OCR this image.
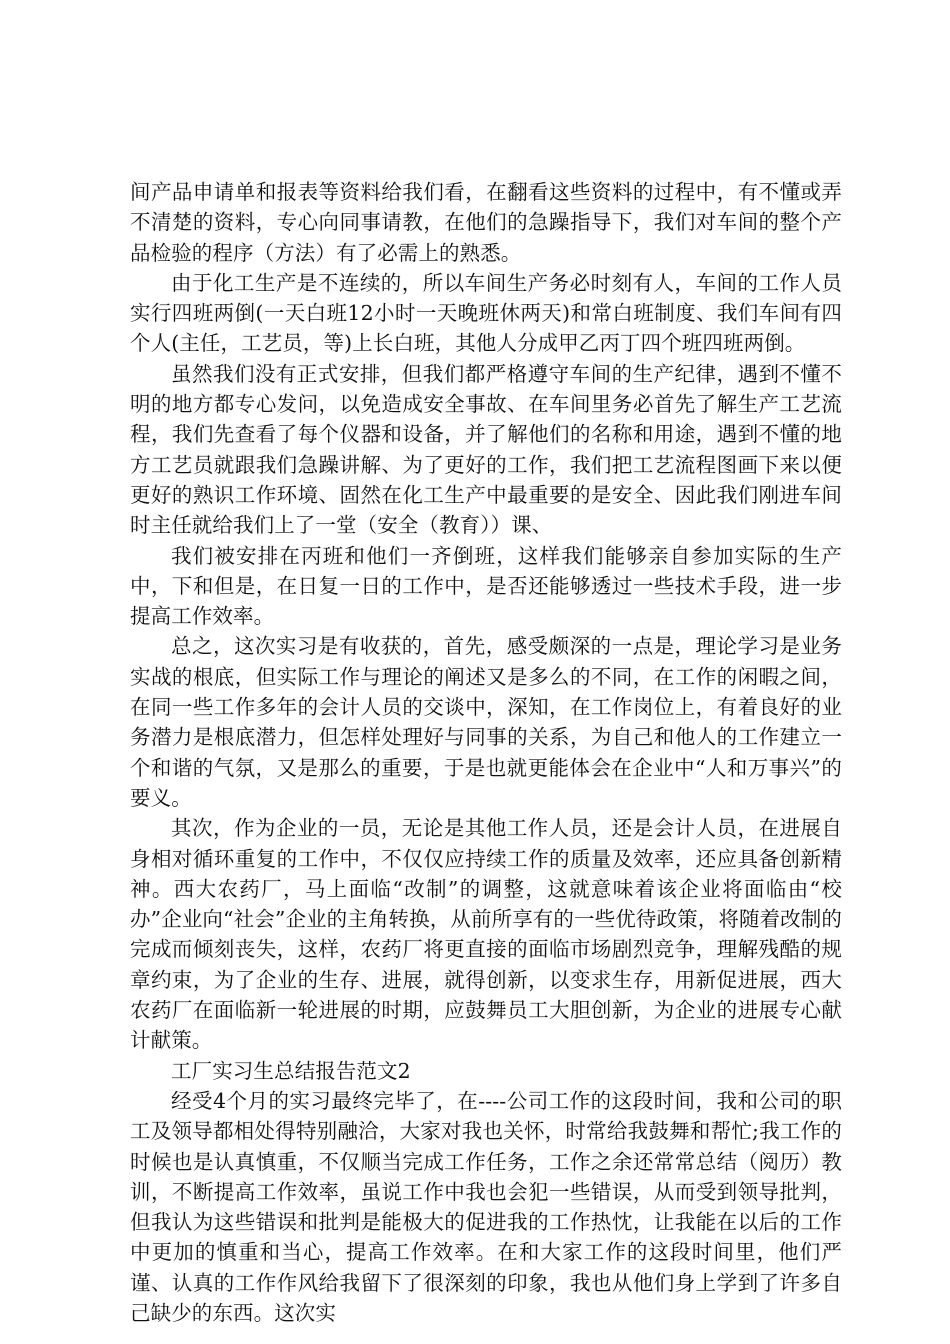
间产品申请单和报表等资料给我们看，在翻看这些资料的过程中，有不懂或弄不清楚的资料，专心向同事请教，在他们的急躁指导下，我们对车间的整个产品检验的程序（方法）有了必需上的熟悉。

由于化工生产是不连续的，所以车间生产务必时刻有人，车间的工作人员实行四班两倒(一天白班12小时一天晚班休两天)和常白班制度、我们车间有四个人(主任，工艺员，等)上长白班，其他人分成甲乙丙丁四个班四班两倒。

虽然我们没有正式安排，但我们都严格遵守车间的生产纪律，遇到不懂不明的地方都专心发问，以免造成安全事故、在车间里务必首先了解生产工艺流程，我们先查看了每个仪器和设备，并了解他们的名称和用途，遇到不懂的地方工艺员就跟我们急躁讲解、为了更好的工作，我们把工艺流程图画下来以便更好的熟识工作环境、固然在化工生产中最重要的是安全、因此我们刚进车间时主任就给我们上了一堂（安全（教育））课、

我们被安排在丙班和他们一齐倒班，这样我们能够亲自参加实际的生产中，下和但是，在日复一日的工作中，是否还能够透过一些技术手段，进一步提高工作效率。

总之，这次实习是有收获的，首先，感受颇深的一点是，理论学习是业务实战的根底，但实际工作与理论的阐述又是多么的不同，在工作的闲暇之间，在同一些工作多年的会计人员的交谈中，深知，在工作岗位上，有着良好的业务潜力是根底潜力，但怎样处理好与同事的关系，为自己和他人的工作建立一个和谐的气氛，又是那么的重要，于是也就更能体会在企业中“人和万事兴”的要义。

其次，作为企业的一员，无论是其他工作人员，还是会计人员，在进展自身相对循环重复的工作中，不仅仅应持续工作的质量及效率，还应具备创新精神。西大农药厂，马上面临“改制”的调整，这就意味着该企业将面临由“校办”企业向“社会”企业的主角转换，从前所享有的一些优待政策，将随着改制的完成而倾刻丧失，这样，农药厂将更直接的面临市场剧烈竞争，理解残酷的规章约束，为了企业的生存、进展，就得创新，以变求生存，用新促进展，西大农药厂在面临新一轮进展的时期，应鼓舞员工大胆创新，为企业的进展专心献计献策。

工厂实习生总结报告范文2

经受4个月的实习最终完毕了，在----公司工作的这段时间，我和公司的职工及领导都相处得特别融洽，大家对我也关怀，时常给我鼓舞和帮忙;我工作的时候也是认真慎重，不仅顺当完成工作任务，工作之余还常常总结（阅历）教训，不断提高工作效率，虽说工作中我也会犯一些错误，从而受到领导批判，但我认为这些错误和批判是能极大的促进我的工作热忱，让我能在以后的工作中更加的慎重和当心，提高工作效率。在和大家工作的这段时间里，他们严谨、认真的工作作风给我留下了很深刻的印象，我也从他们身上学到了许多自己缺少的东西。这次实
